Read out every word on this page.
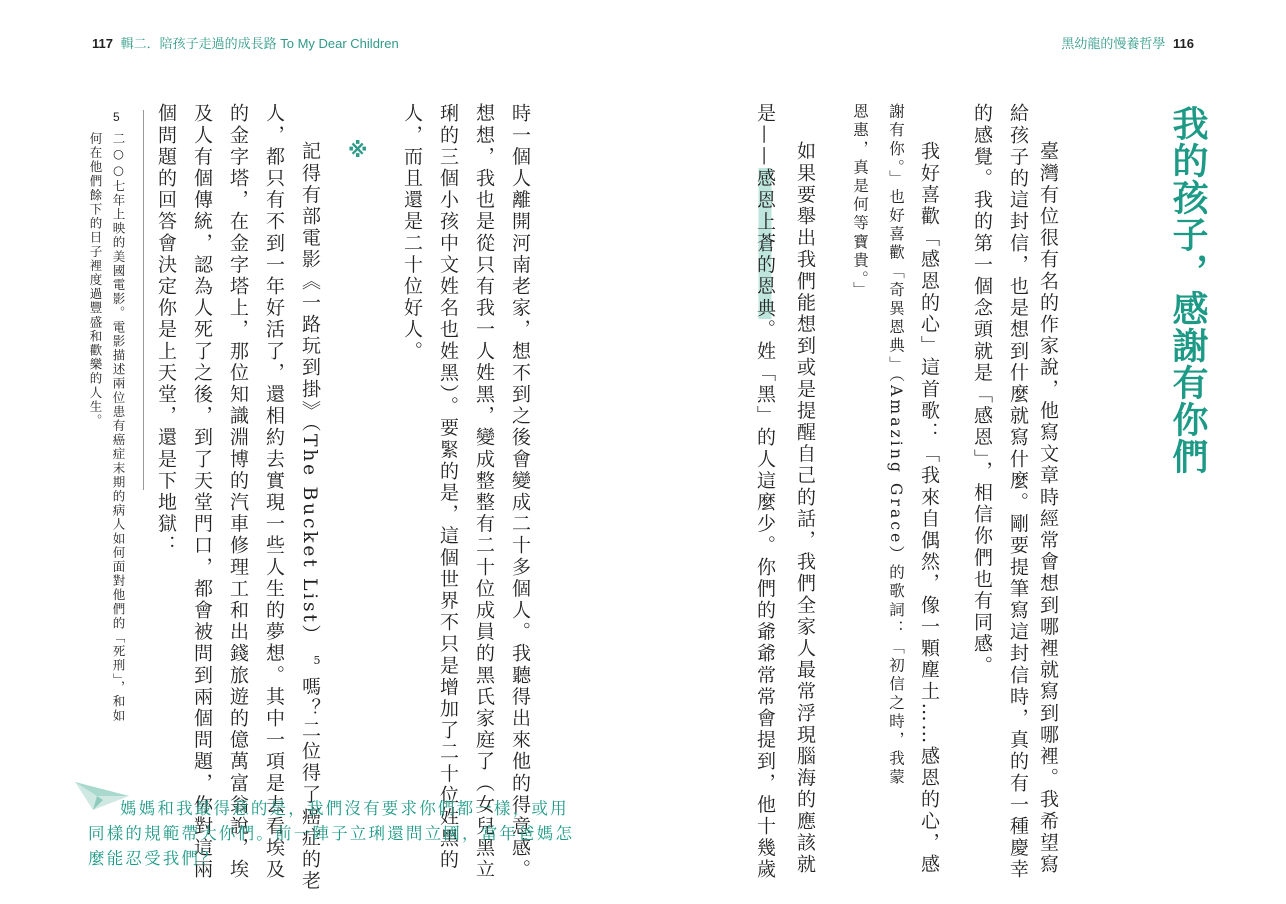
117 輯二．陪孩子走過的成長路 To My Dear Children	黑幼龍的慢養哲學 116
我的孩子，感謝有你們
臺灣有位很有名的作家說，他寫文章時經常會想到哪裡就寫到哪裡。我希望寫
給孩子的這封信，也是想到什麼就寫什麼。剛要提筆寫這封信時，真的有一種慶幸
的感覺。我的第一個念頭就是「感恩」，相信你們也有同感。
我好喜歡「感恩的心」這首歌：「我來自偶然，像一顆塵土……感恩的心，感
謝有你。」也好喜歡「奇異恩典」（Amazing Grace）的歌詞：「初信之時，我蒙
恩惠，真是何等寶貴。」
如果要舉出我們能想到或是提醒自己的話，我們全家人最常浮現腦海的應該就
是——感恩上蒼的恩典。姓「黑」的人這麼少。你們的爺爺常常會提到，他十幾歲
時一個人離開河南老家，想不到之後會變成二十多個人。我聽得出來他的得意感。
想想，我也是從只有我一人姓黑，變成整整有二十位成員的黑氏家庭了（女兒黑立
琍的三個小孩中文姓名也姓黑）。要緊的是，這個世界不只是增加了二十位姓黑的
人，而且還是二十位好人。
※
記得有部電影《一路玩到掛》（The Bucket List）$^5$嗎？二位得了癌症的老
人，都只有不到一年好活了，還相約去實現一些人生的夢想。其中一項是去看埃及
的金字塔，在金字塔上，那位知識淵博的汽車修理工和出錢旅遊的億萬富翁說，埃
及人有個傳統，認為人死了之後，到了天堂門口，都會被問到兩個問題，你對這兩
個問題的回答會決定你是上天堂，還是下地獄：
5
二○○七年上映的美國電影。電影描述兩位患有癌症末期的病人如何面對他們的「死刑」，和如
何在他們餘下的日子裡度過豐盛和歡樂的人生。
媽媽和我最得意的是，我們沒有要求你們都一樣，或用
同樣的規範帶大你們。前一陣子立琍還問立國，當年爸媽怎
麼能忍受我們？
